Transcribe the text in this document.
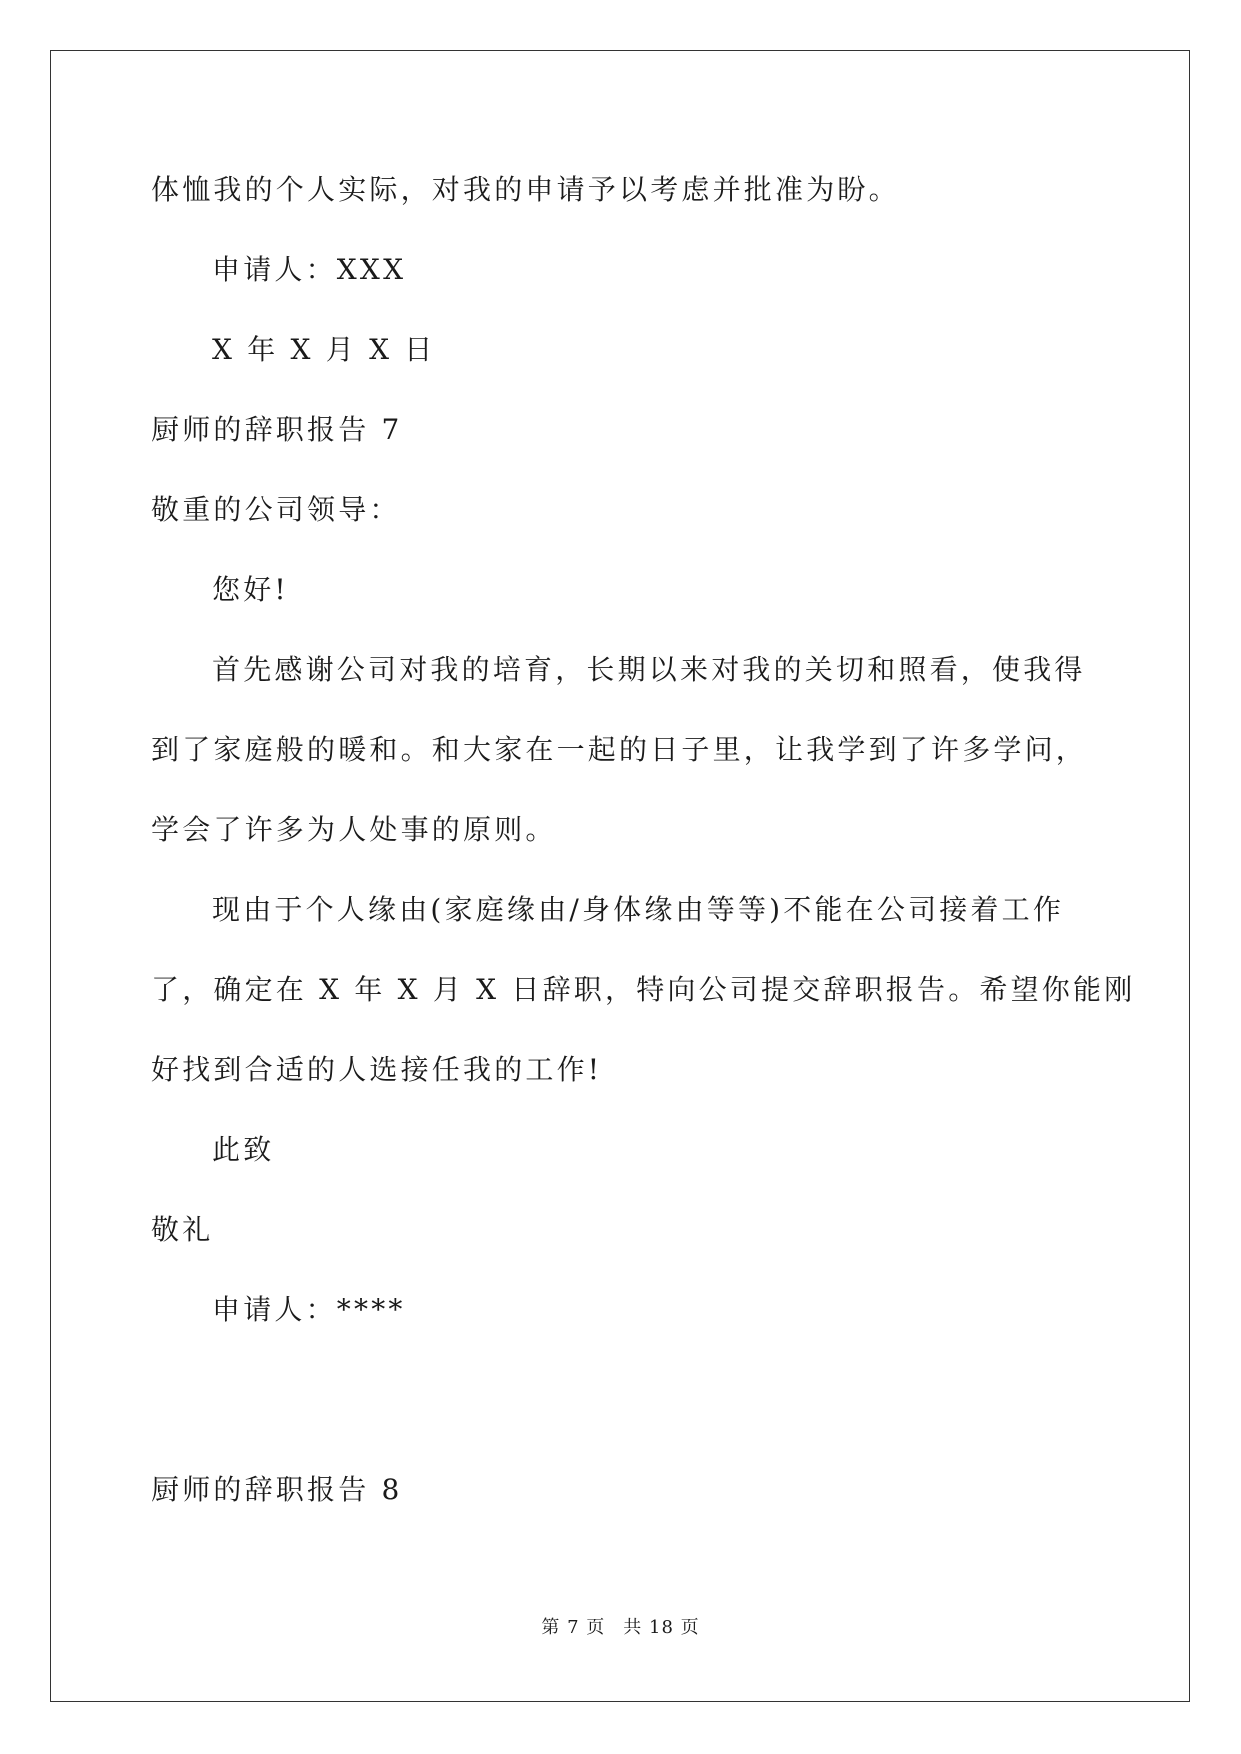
体恤我的个人实际，对我的申请予以考虑并批准为盼。
申请人：XXX
X 年 X 月 X 日
厨师的辞职报告 7
敬重的公司领导：
您好!
首先感谢公司对我的培育，长期以来对我的关切和照看，使我得
到了家庭般的暖和。和大家在一起的日子里，让我学到了许多学问，
学会了许多为人处事的原则。
现由于个人缘由(家庭缘由/身体缘由等等)不能在公司接着工作
了，确定在 X 年 X 月 X 日辞职，特向公司提交辞职报告。希望你能刚
好找到合适的人选接任我的工作!
此致
敬礼
申请人：****
厨师的辞职报告 8
第 7 页 共 18 页
